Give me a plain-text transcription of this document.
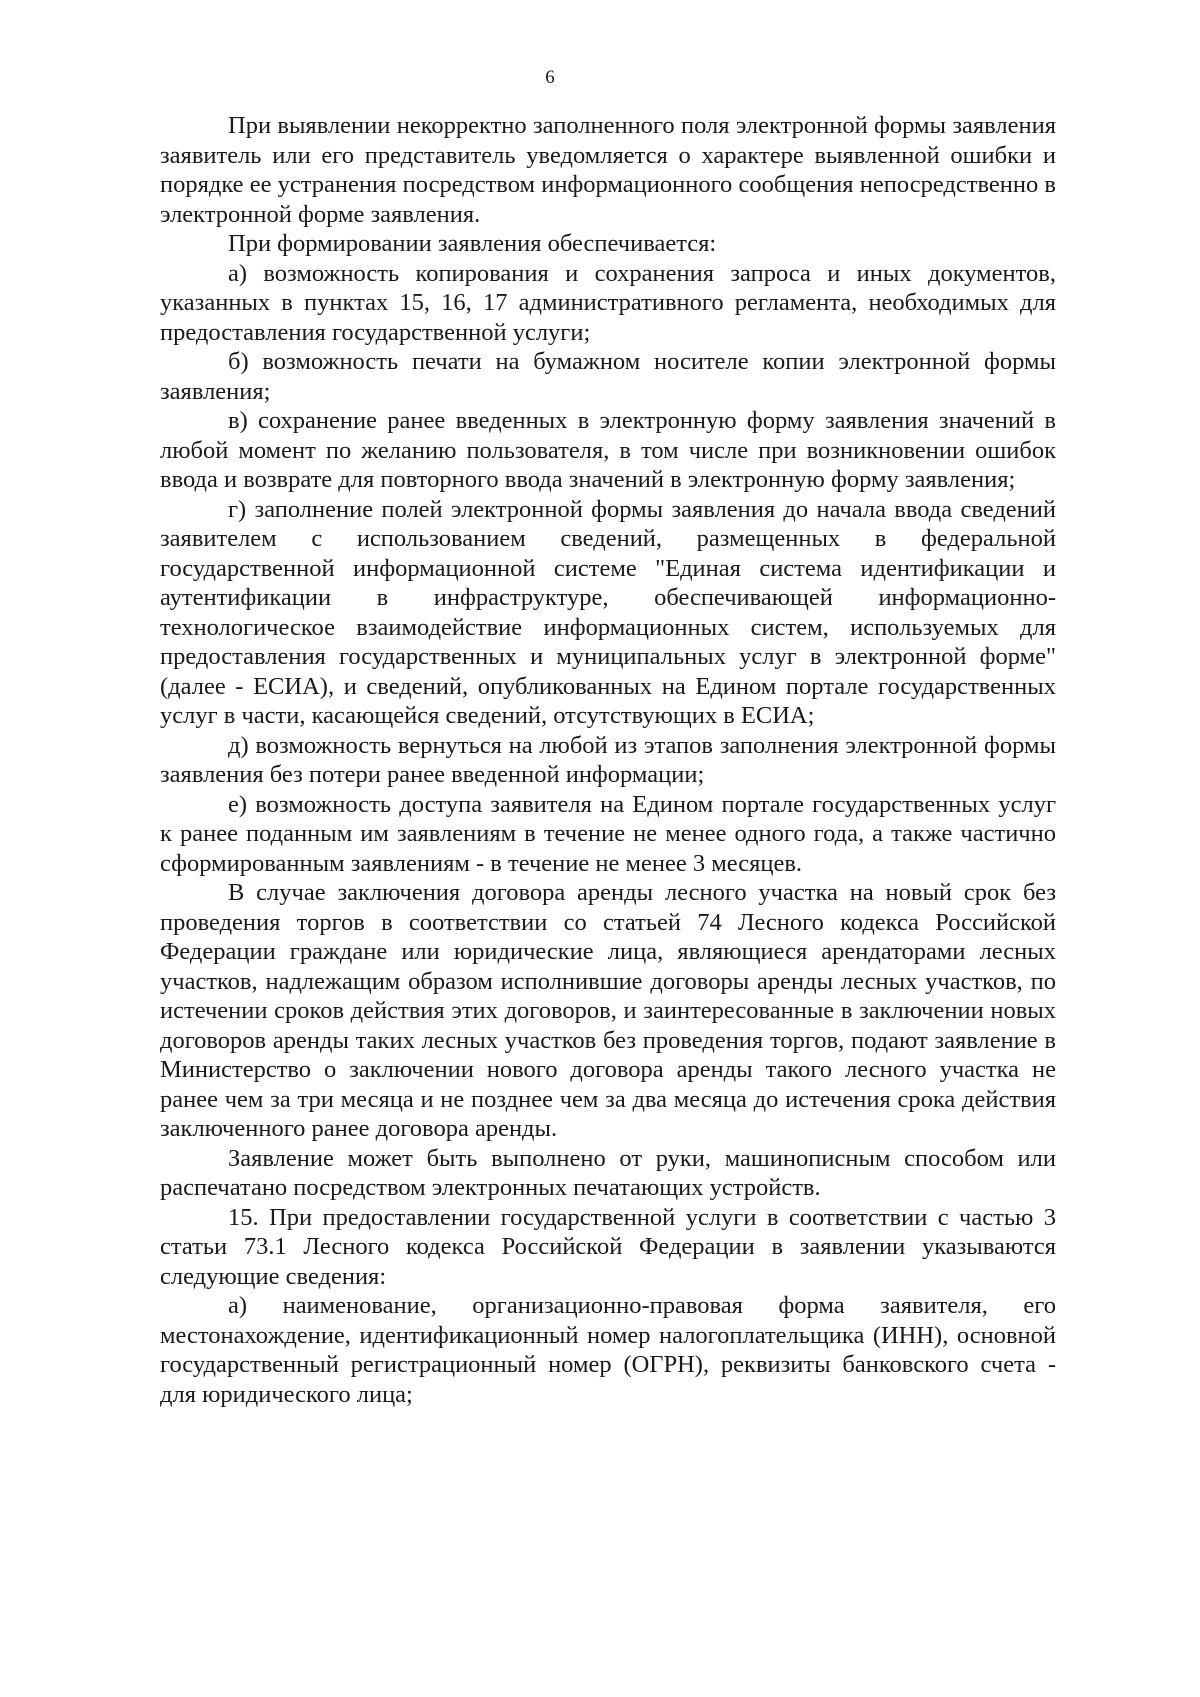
6

При выявлении некорректно заполненного поля электронной формы заявления заявитель или его представитель уведомляется о характере выявленной ошибки и порядке ее устранения посредством информационного сообщения непосредственно в электронной форме заявления.

При формировании заявления обеспечивается:

а) возможность копирования и сохранения запроса и иных документов, указанных в пунктах 15, 16, 17 административного регламента, необходимых для предоставления государственной услуги;

б) возможность печати на бумажном носителе копии электронной формы заявления;

в) сохранение ранее введенных в электронную форму заявления значений в любой момент по желанию пользователя, в том числе при возникновении ошибок ввода и возврате для повторного ввода значений в электронную форму заявления;

г) заполнение полей электронной формы заявления до начала ввода сведений заявителем с использованием сведений, размещенных в федеральной государственной информационной системе "Единая система идентификации и аутентификации в инфраструктуре, обеспечивающей информационно-технологическое взаимодействие информационных систем, используемых для предоставления государственных и муниципальных услуг в электронной форме" (далее - ЕСИА), и сведений, опубликованных на Едином портале государственных услуг в части, касающейся сведений, отсутствующих в ЕСИА;

д) возможность вернуться на любой из этапов заполнения электронной формы заявления без потери ранее введенной информации;

е) возможность доступа заявителя на Едином портале государственных услуг к ранее поданным им заявлениям в течение не менее одного года, а также частично сформированным заявлениям - в течение не менее 3 месяцев.

В случае заключения договора аренды лесного участка на новый срок без проведения торгов в соответствии со статьей 74 Лесного кодекса Российской Федерации граждане или юридические лица, являющиеся арендаторами лесных участков, надлежащим образом исполнившие договоры аренды лесных участков, по истечении сроков действия этих договоров, и заинтересованные в заключении новых договоров аренды таких лесных участков без проведения торгов, подают заявление в Министерство о заключении нового договора аренды такого лесного участка не ранее чем за три месяца и не позднее чем за два месяца до истечения срока действия заключенного ранее договора аренды.

Заявление может быть выполнено от руки, машинописным способом или распечатано посредством электронных печатающих устройств.

15. При предоставлении государственной услуги в соответствии с частью 3 статьи 73.1 Лесного кодекса Российской Федерации в заявлении указываются следующие сведения:

а) наименование, организационно-правовая форма заявителя, его местонахождение, идентификационный номер налогоплательщика (ИНН), основной государственный регистрационный номер (ОГРН), реквизиты банковского счета - для юридического лица;
